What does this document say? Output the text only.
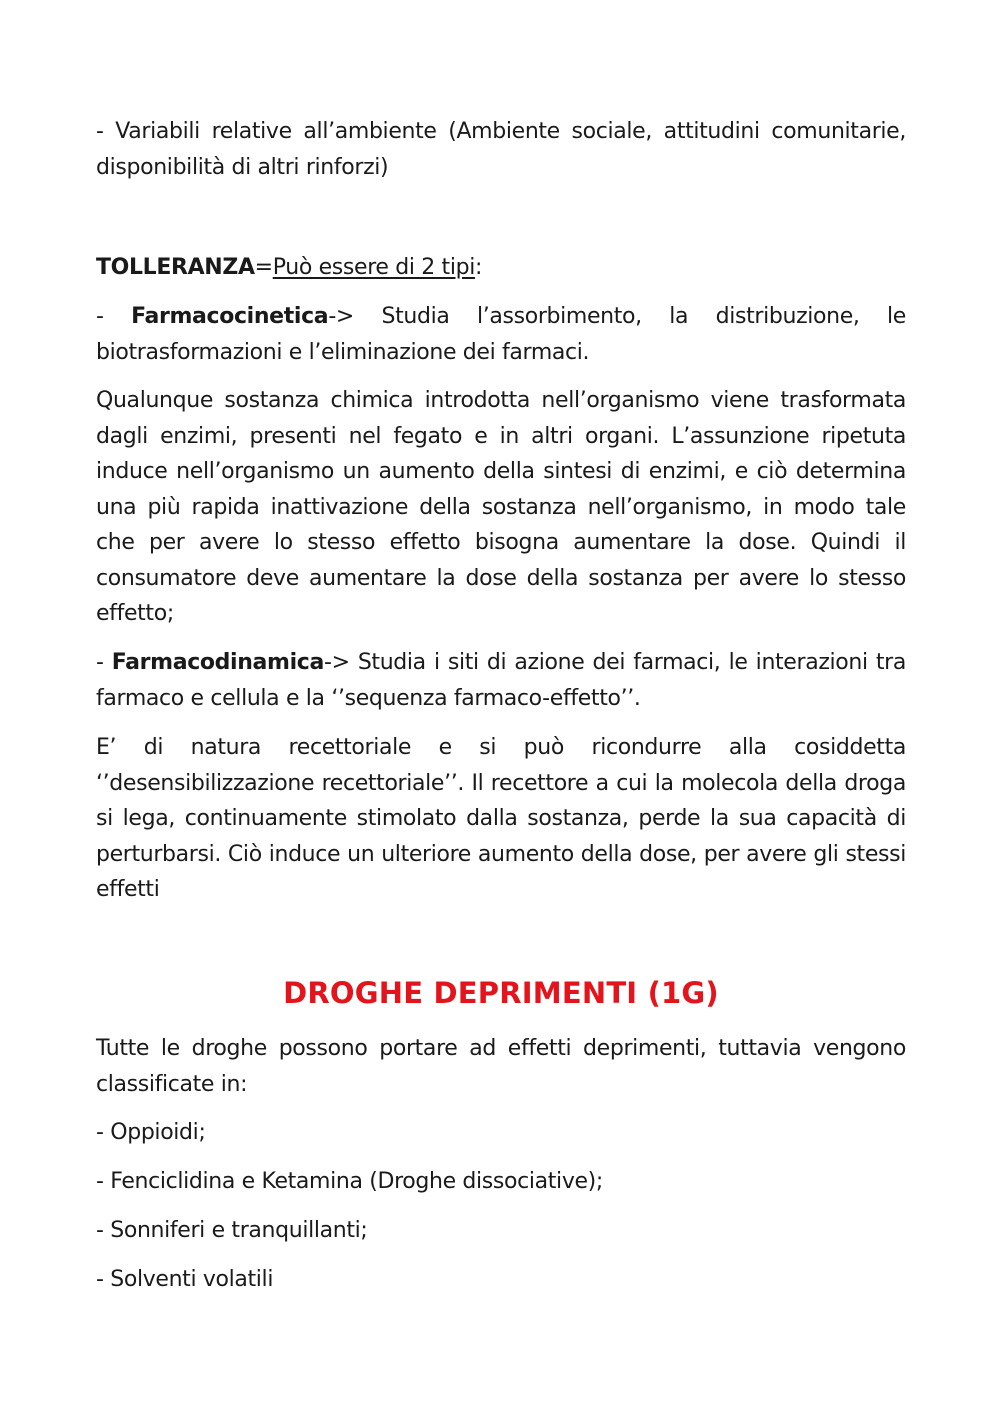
- Variabili relative all’ambiente (Ambiente sociale, attitudini comunitarie, disponibilità di altri rinforzi)

TOLLERANZA=Può essere di 2 tipi:

- Farmacocinetica-> Studia l’assorbimento, la distribuzione, le biotrasformazioni e l’eliminazione dei farmaci.

Qualunque sostanza chimica introdotta nell’organismo viene trasformata dagli enzimi, presenti nel fegato e in altri organi. L’assunzione ripetuta induce nell’organismo un aumento della sintesi di enzimi, e ciò determina una più rapida inattivazione della sostanza nell’organismo, in modo tale che per avere lo stesso effetto bisogna aumentare la dose. Quindi il consumatore deve aumentare la dose della sostanza per avere lo stesso effetto;

- Farmacodinamica-> Studia i siti di azione dei farmaci, le interazioni tra farmaco e cellula e la ‘’sequenza farmaco-effetto’’.

E’ di natura recettoriale e si può ricondurre alla cosiddetta ‘’desensibilizzazione recettoriale’’. Il recettore a cui la molecola della droga si lega, continuamente stimolato dalla sostanza, perde la sua capacità di perturbarsi. Ciò induce un ulteriore aumento della dose, per avere gli stessi effetti

DROGHE DEPRIMENTI (1G)

Tutte le droghe possono portare ad effetti deprimenti, tuttavia vengono classificate in:

- Oppioidi;

- Fenciclidina e Ketamina (Droghe dissociative);

- Sonniferi e tranquillanti;

- Solventi volatili
